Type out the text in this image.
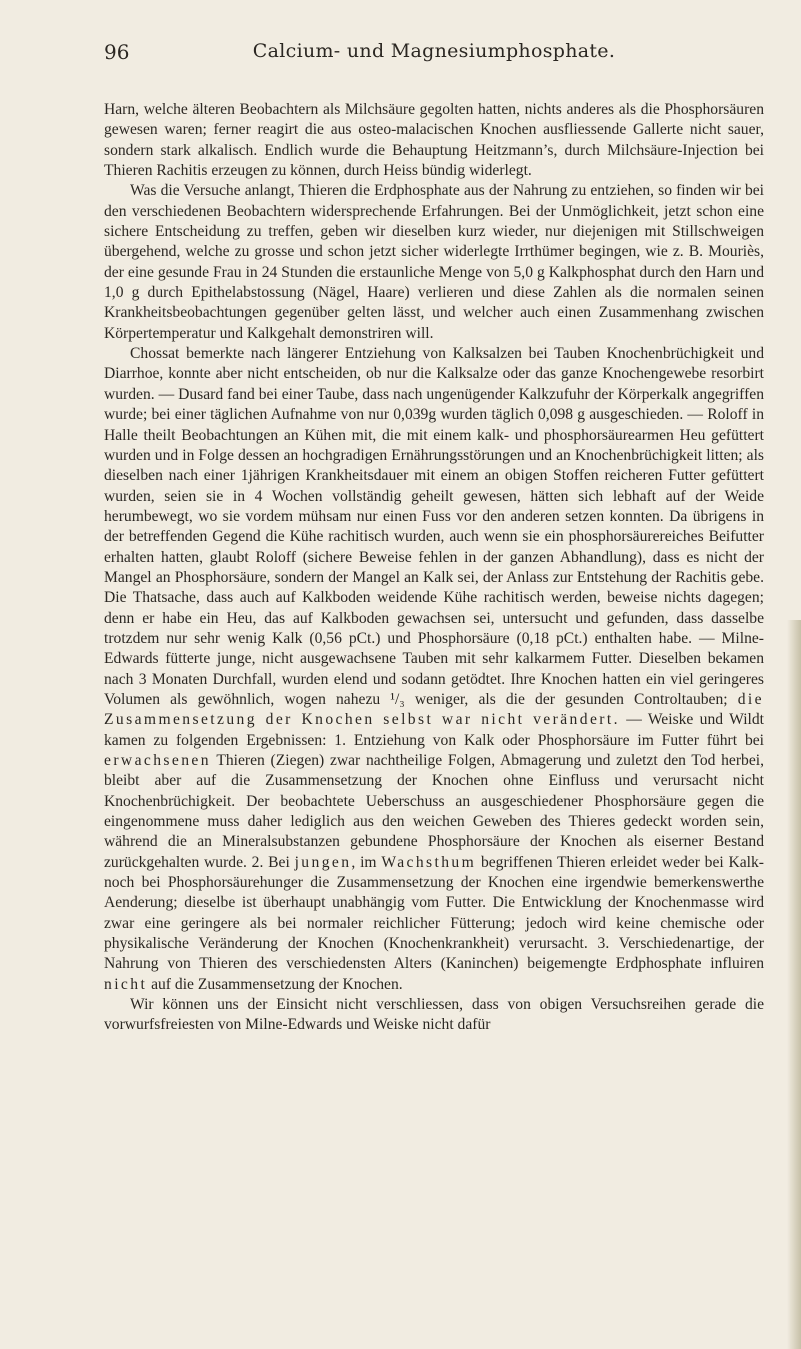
96	Calcium- und Magnesiumphosphate.

Harn, welche älteren Beobachtern als Milchsäure gegolten hatten, nichts anderes als die Phosphorsäuren gewesen waren; ferner reagirt die aus osteo-malacischen Knochen ausfliessende Gallerte nicht sauer, sondern stark alkalisch. Endlich wurde die Behauptung Heitzmann’s, durch Milchsäure-Injection bei Thieren Rachitis erzeugen zu können, durch Heiss bündig widerlegt.

Was die Versuche anlangt, Thieren die Erdphosphate aus der Nahrung zu entziehen, so finden wir bei den verschiedenen Beobachtern widersprechende Erfahrungen. Bei der Unmöglichkeit, jetzt schon eine sichere Entscheidung zu treffen, geben wir dieselben kurz wieder, nur diejenigen mit Stillschweigen übergehend, welche zu grosse und schon jetzt sicher widerlegte Irrthümer begingen, wie z. B. Mouriès, der eine gesunde Frau in 24 Stunden die erstaunliche Menge von 5,0 g Kalkphosphat durch den Harn und 1,0 g durch Epithelabstossung (Nägel, Haare) verlieren und diese Zahlen als die normalen seinen Krankheitsbeobachtungen gegenüber gelten lässt, und welcher auch einen Zusammenhang zwischen Körpertemperatur und Kalkgehalt demonstriren will.

Chossat bemerkte nach längerer Entziehung von Kalksalzen bei Tauben Knochenbrüchigkeit und Diarrhoe, konnte aber nicht entscheiden, ob nur die Kalksalze oder das ganze Knochengewebe resorbirt wurden. — Dusard fand bei einer Taube, dass nach ungenügender Kalkzufuhr der Körperkalk angegriffen wurde; bei einer täglichen Aufnahme von nur 0,039g wurden täglich 0,098 g ausgeschieden. — Roloff in Halle theilt Beobachtungen an Kühen mit, die mit einem kalk- und phosphorsäurearmen Heu gefüttert wurden und in Folge dessen an hochgradigen Ernährungsstörungen und an Knochenbrüchigkeit litten; als dieselben nach einer 1jährigen Krankheitsdauer mit einem an obigen Stoffen reicheren Futter gefüttert wurden, seien sie in 4 Wochen vollständig geheilt gewesen, hätten sich lebhaft auf der Weide herumbewegt, wo sie vordem mühsam nur einen Fuss vor den anderen setzen konnten. Da übrigens in der betreffenden Gegend die Kühe rachitisch wurden, auch wenn sie ein phosphorsäurereiches Beifutter erhalten hatten, glaubt Roloff (sichere Beweise fehlen in der ganzen Abhandlung), dass es nicht der Mangel an Phosphorsäure, sondern der Mangel an Kalk sei, der Anlass zur Entstehung der Rachitis gebe. Die Thatsache, dass auch auf Kalkboden weidende Kühe rachitisch werden, beweise nichts dagegen; denn er habe ein Heu, das auf Kalkboden gewachsen sei, untersucht und gefunden, dass dasselbe trotzdem nur sehr wenig Kalk (0,56 pCt.) und Phosphorsäure (0,18 pCt.) enthalten habe. — Milne-Edwards fütterte junge, nicht ausgewachsene Tauben mit sehr kalkarmem Futter. Dieselben bekamen nach 3 Monaten Durchfall, wurden elend und sodann getödtet. Ihre Knochen hatten ein viel geringeres Volumen als gewöhnlich, wogen nahezu ¹/₃ weniger, als die der gesunden Controltauben; die Zusammensetzung der Knochen selbst war nicht verändert. — Weiske und Wildt kamen zu folgenden Ergebnissen: 1. Entziehung von Kalk oder Phosphorsäure im Futter führt bei erwachsenen Thieren (Ziegen) zwar nachtheilige Folgen, Abmagerung und zuletzt den Tod herbei, bleibt aber auf die Zusammensetzung der Knochen ohne Einfluss und verursacht nicht Knochenbrüchigkeit. Der beobachtete Ueberschuss an ausgeschiedener Phosphorsäure gegen die eingenommene muss daher lediglich aus den weichen Geweben des Thieres gedeckt worden sein, während die an Mineralsubstanzen gebundene Phosphorsäure der Knochen als eiserner Bestand zurückgehalten wurde. 2. Bei jungen, im Wachsthum begriffenen Thieren erleidet weder bei Kalk- noch bei Phosphorsäurehunger die Zusammensetzung der Knochen eine irgendwie bemerkenswerthe Aenderung; dieselbe ist überhaupt unabhängig vom Futter. Die Entwicklung der Knochenmasse wird zwar eine geringere als bei normaler reichlicher Fütterung; jedoch wird keine chemische oder physikalische Veränderung der Knochen (Knochenkrankheit) verursacht. 3. Verschiedenartige, der Nahrung von Thieren des verschiedensten Alters (Kaninchen) beigemengte Erdphosphate influiren nicht auf die Zusammensetzung der Knochen.

Wir können uns der Einsicht nicht verschliessen, dass von obigen Versuchsreihen gerade die vorwurfsfreiesten von Milne-Edwards und Weiske nicht dafür
